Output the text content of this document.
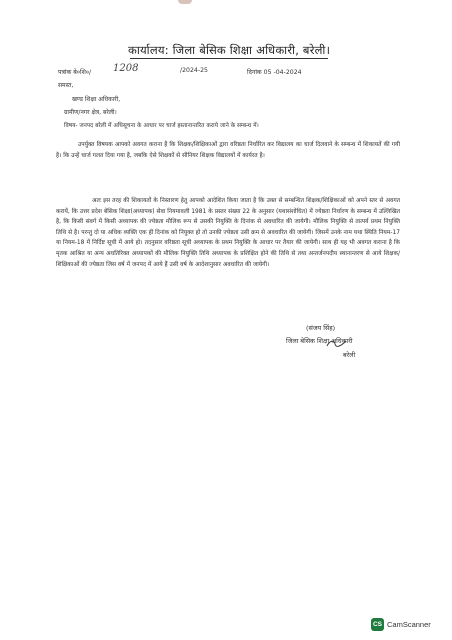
कार्यालय: जिला बेसिक शिक्षा अधिकारी, बरेली।
पत्रांक बे०शि०/ 1208	/2024-25	दिनांक 05 -04-2024
समस्त,
खण्ड शिक्षा अधिकारी,
ग्रामीण/नगर क्षेत्र, बरेली।
विषय- जनपद बरेली में अधिसूचना के आधार पर चार्ज हस्तानान्तरित कराये जाने के सम्बन्ध में।
उपर्युक्त विषयक आपको अवगत कराना है कि शिक्षक/शिक्षिकाओं द्वारा वरिष्ठता निर्धारित कर विद्यालय का चार्ज दिलवाने के सम्बन्ध में शिकायतें की गयी है। कि उन्हें चार्ज गलत दिया गया है, जबकि ऐसे शिक्षकों से सीनियर शिक्षक विद्यालयों में कार्यरत है।
अतः इस तरह की शिकायतों के निस्तारण हेतु आपको आदेशित किया जाता है कि उक्त से सम्बन्धित शिक्षक/शिक्षिकाओं को अपने स्तर से अवगत करायें, कि उत्तर प्रदेश बेसिक शिक्षा(अध्यापक) सेवा नियमावली 1981 के प्रस्तर संख्या 22 के अनुसार (यथासंशोधित) में ज्येष्ठता निर्धारण के सम्बन्ध में उल्लिखित है, कि किसी संवर्ग में किसी अध्यापक की ज्येष्ठता मौलिक रूप से उसकी नियुक्ति के दिनांक से अवधारित की जायेगी। मौलिक नियुक्ति से तात्पर्य प्रथम नियुक्ति तिथि से है। परन्तु दो या अधिक व्यक्ति एक ही दिनांक को नियुक्त हो तो उनकी ज्येष्ठता उसी क्रम से अवधारित की जायेगी। जिसमें उनके नाम यथा स्थिति नियम-17 या नियम-18 में निर्दिष्ट सूची में आये हो। तदनुसार वरिष्ठता सूची अध्यापक के प्रथम नियुक्ति के आधार पर तैयार की जायेगी। साथ ही यह भी अवगत कराना है कि मृतक आश्रित या अन्य अधतिरिक्त अध्यापकों की मौलिक नियुक्ति तिथि अध्यापक के प्रशिक्षित होने की तिथि से तथा अन्तर्जनपदीय स्थानान्तरण से आये शिक्षक/शिक्षिकाओं की ज्येष्ठता जिस वर्ष में जनपद में आये हैं उसी वर्ष के आदेशानुसार अवधारित की जायेगी।
(संजय सिंह)
जिला बेसिक शिक्षा अधिकारी
बरेली
CS CamScanner
